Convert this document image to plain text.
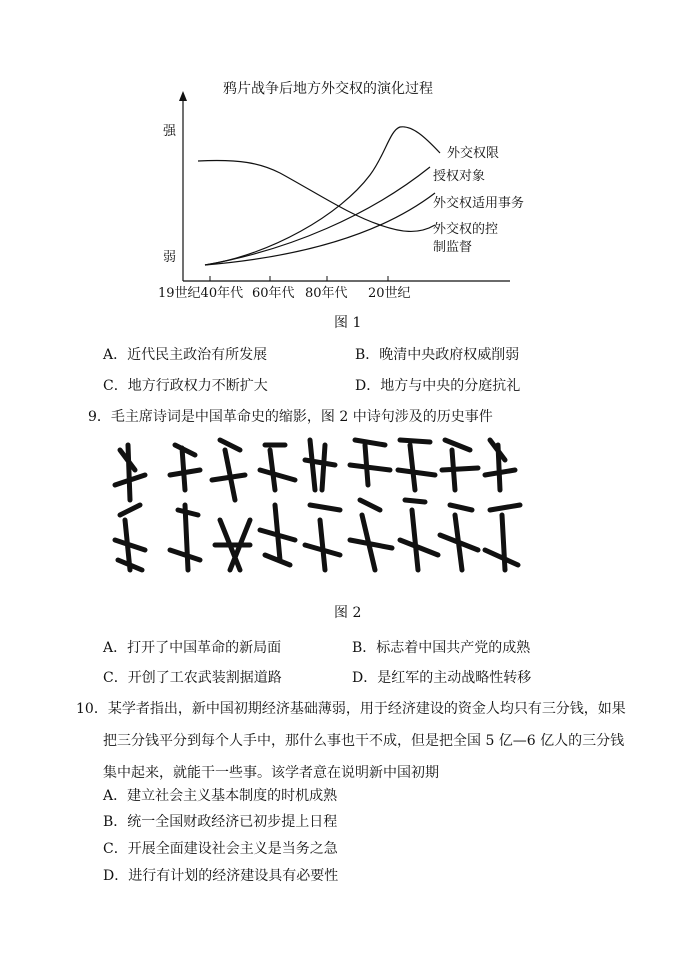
鸦片战争后地方外交权的演化过程
强
弱
19世纪40年代 60年代 80年代 20世纪
外交权限
授权对象
外交权适用事务
外交权的控
制监督
图 1
A．近代民主政治有所发展	B．晚清中央政府权威削弱
C．地方行政权力不断扩大	D．地方与中央的分庭抗礼
9．毛主席诗词是中国革命史的缩影，图 2 中诗句涉及的历史事件
图 2
A．打开了中国革命的新局面	B．标志着中国共产党的成熟
C．开创了工农武装割据道路	D．是红军的主动战略性转移
10．某学者指出，新中国初期经济基础薄弱，用于经济建设的资金人均只有三分钱，如果
把三分钱平分到每个人手中，那什么事也干不成，但是把全国 5 亿—6 亿人的三分钱
集中起来，就能干一些事。该学者意在说明新中国初期
A．建立社会主义基本制度的时机成熟
B．统一全国财政经济已初步提上日程
C．开展全面建设社会主义是当务之急
D．进行有计划的经济建设具有必要性
